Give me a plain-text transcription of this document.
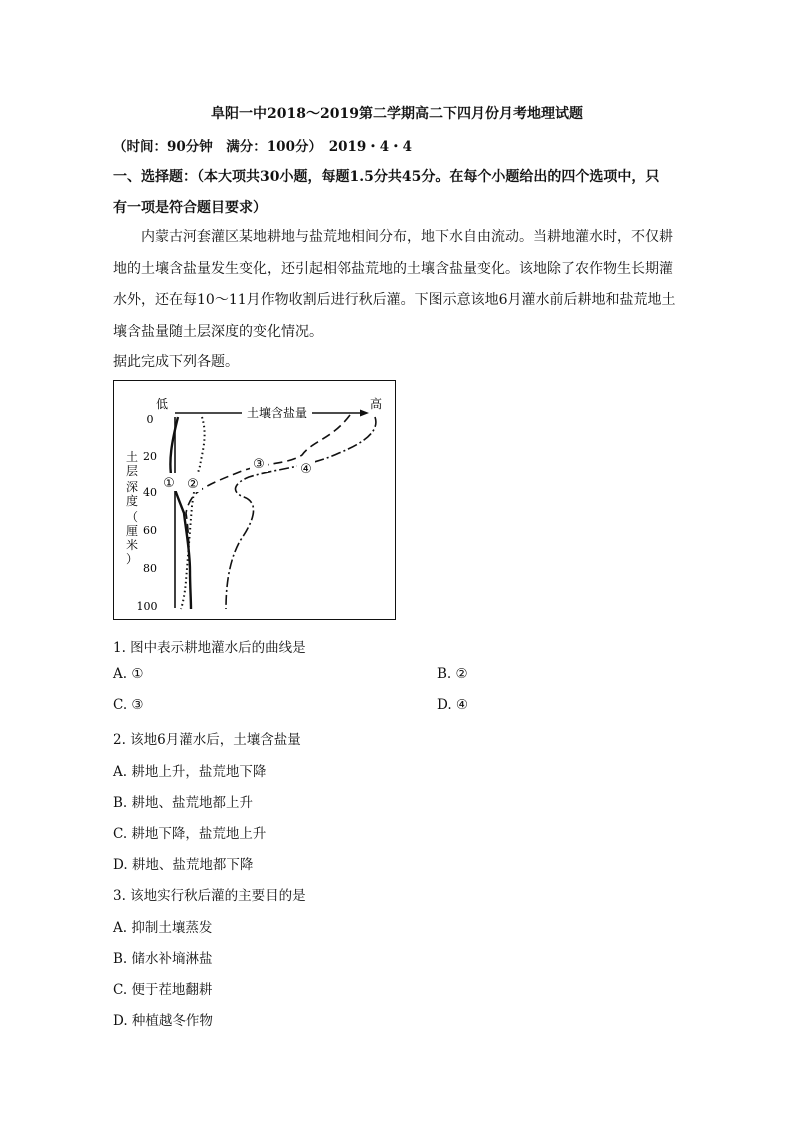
阜阳一中2018～2019第二学期高二下四月份月考地理试题
（时间：90分钟　满分：100分）　2019・4・4
一、选择题：（本大项共30小题，每题1.5分共45分。在每个小题给出的四个选项中，只
有一项是符合题目要求）
内蒙古河套灌区某地耕地与盐荒地相间分布，地下水自由流动。当耕地灌水时，不仅耕
地的土壤含盐量发生变化，还引起相邻盐荒地的土壤含盐量变化。该地除了农作物生长期灌
水外，还在每10～11月作物收割后进行秋后灌。下图示意该地6月灌水前后耕地和盐荒地土
壤含盐量随土层深度的变化情况。
据此完成下列各题。
土壤含盐量
低	高
0
20
40
60
80
100
土
层
深
度
（
厘
米
）
① ②
③	④
1. 图中表示耕地灌水后的曲线是
A. ①	B. ②
C. ③	D. ④
2. 该地6月灌水后，土壤含盐量
A. 耕地上升，盐荒地下降
B. 耕地、盐荒地都上升
C. 耕地下降，盐荒地上升
D. 耕地、盐荒地都下降
3. 该地实行秋后灌的主要目的是
A. 抑制土壤蒸发
B. 储水补墒淋盐
C. 便于茬地翻耕
D. 种植越冬作物
